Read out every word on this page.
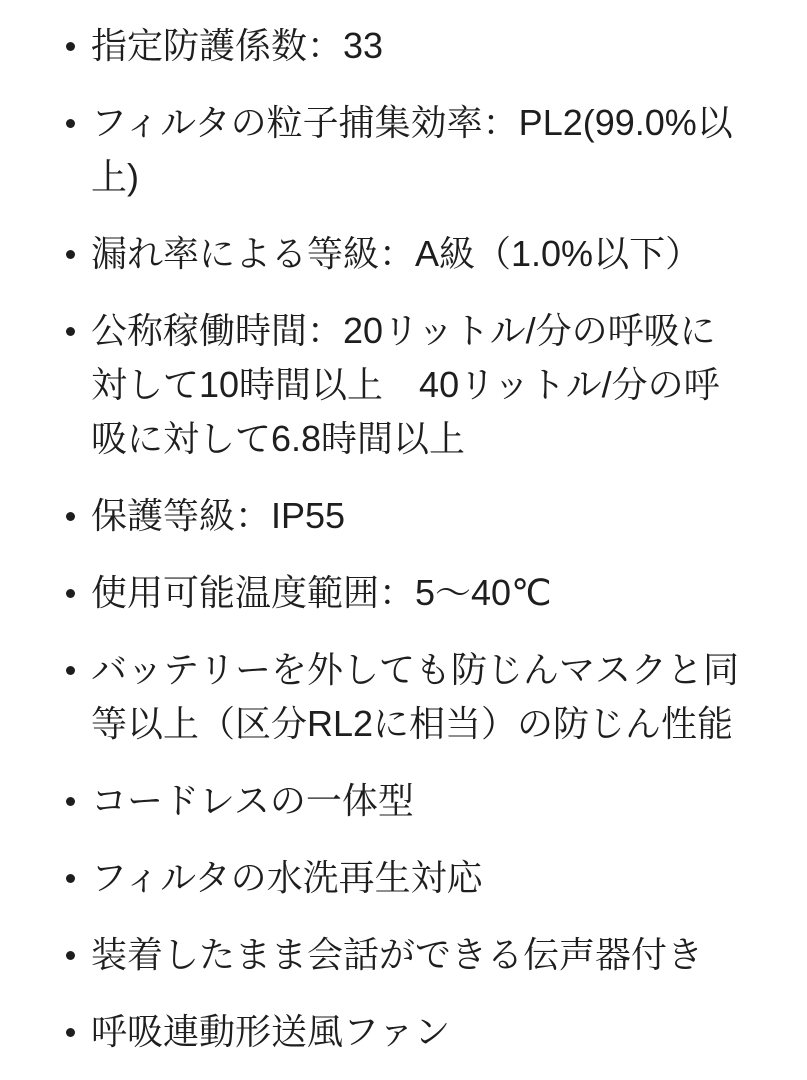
指定防護係数：33
フィルタの粒子捕集効率：PL2(99.0%以上)
漏れ率による等級：A級（1.0%以下）
公称稼働時間：20リットル/分の呼吸に対して10時間以上　40リットル/分の呼吸に対して6.8時間以上
保護等級：IP55
使用可能温度範囲：5～40℃
バッテリーを外しても防じんマスクと同等以上（区分RL2に相当）の防じん性能
コードレスの一体型
フィルタの水洗再生対応
装着したまま会話ができる伝声器付き
呼吸連動形送風ファン
